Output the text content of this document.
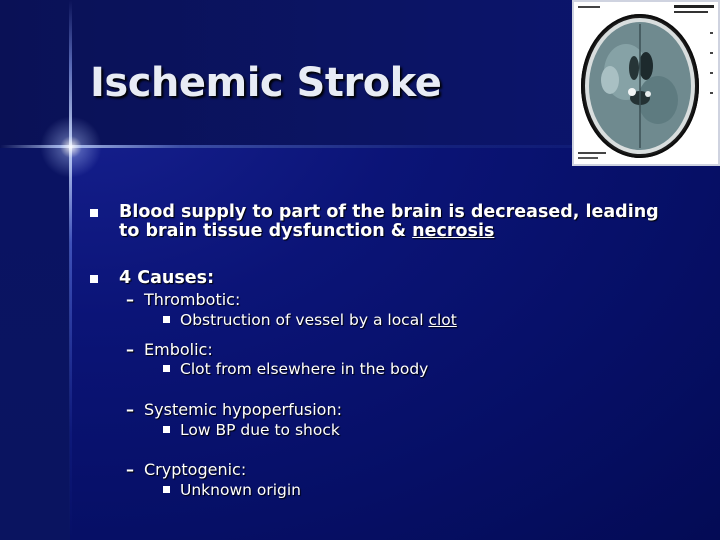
Ischemic Stroke
Blood supply to part of the brain is decreased, leading
to brain tissue dysfunction & necrosis
4 Causes:
– Thrombotic:
Obstruction of vessel by a local clot
– Embolic:
Clot from elsewhere in the body
– Systemic hypoperfusion:
Low BP due to shock
– Cryptogenic:
Unknown origin
